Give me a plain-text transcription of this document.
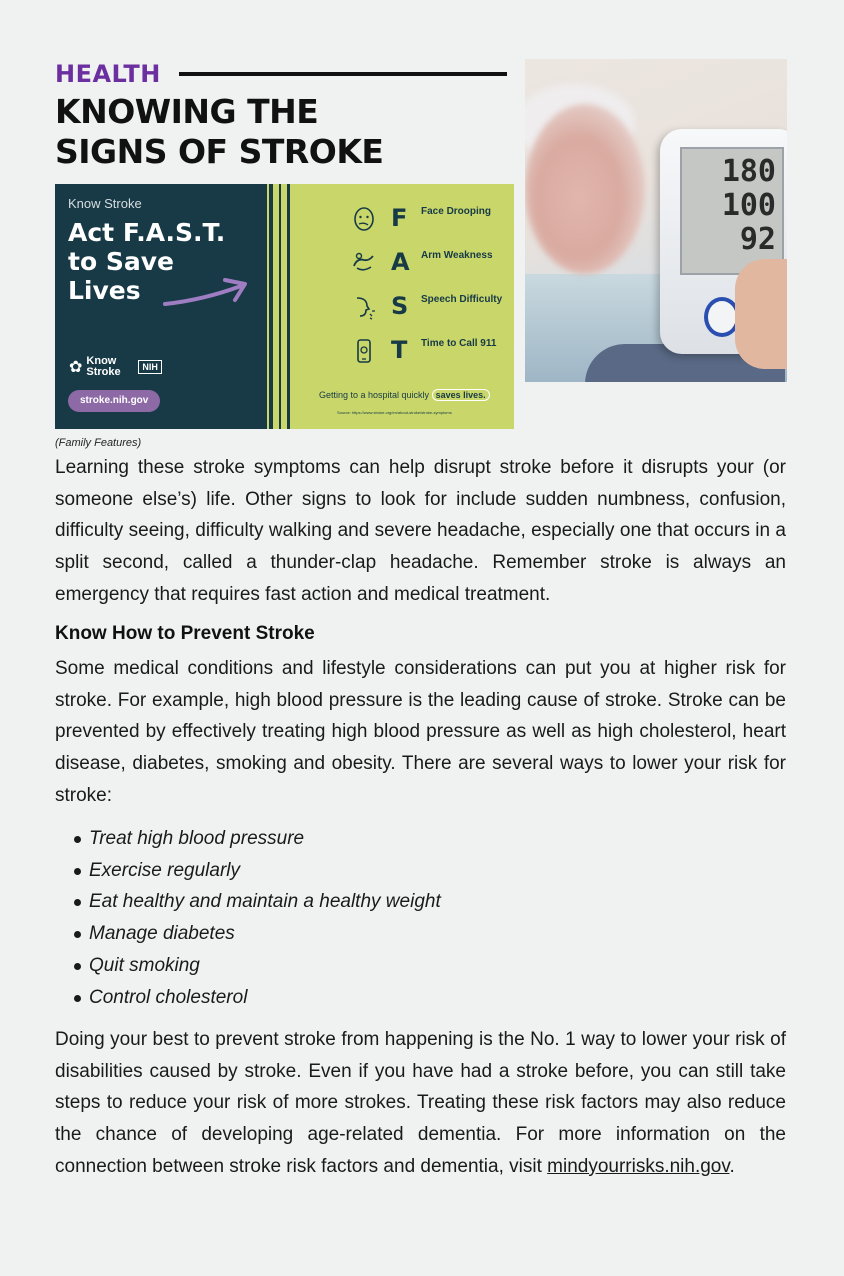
HEALTH
KNOWING THE
SIGNS OF STROKE
Know Stroke
Act F.A.S.T.
to Save
Lives
✿ Know Stroke	NIH
stroke.nih.gov
F Face Drooping
A Arm Weakness
S Speech Difficulty
T Time to Call 911
Getting to a hospital quickly saves lives.
Source: https://www.stroke.org/en/about-stroke/stroke-symptoms
180
100
92
(Family Features)

Learning these stroke symptoms can help disrupt stroke before it disrupts your (or someone else’s) life. Other signs to look for include sudden numbness, confusion, difficulty seeing, difficulty walking and severe headache, especially one that occurs in a split second, called a thunder-clap headache. Remember stroke is always an emergency that requires fast action and medical treatment.

Know How to Prevent Stroke

Some medical conditions and lifestyle considerations can put you at higher risk for stroke. For example, high blood pressure is the leading cause of stroke. Stroke can be prevented by effectively treating high blood pressure as well as high cholesterol, heart disease, diabetes, smoking and obesity. There are several ways to lower your risk for stroke:

Treat high blood pressure
Exercise regularly
Eat healthy and maintain a healthy weight
Manage diabetes
Quit smoking
Control cholesterol

Doing your best to prevent stroke from happening is the No. 1 way to lower your risk of disabilities caused by stroke. Even if you have had a stroke before, you can still take steps to reduce your risk of more strokes. Treating these risk factors may also reduce the chance of developing age-related dementia. For more information on the connection between stroke risk factors and dementia, visit mindyourrisks.nih.gov.
